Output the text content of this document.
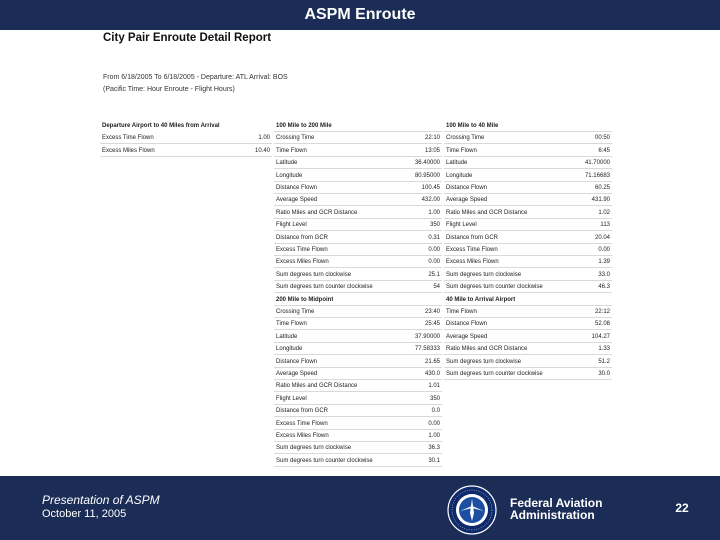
ASPM Enroute
City Pair Enroute Detail Report
From 6/18/2005 To 6/18/2005 - Departure: ATL Arrival: BOS
(Pacific Time: Hour Enroute - Flight Hours)
Departure Airport to 40 Miles from Arrival
Excess Time Flown	1.00
Excess Miles Flown	10.40
100 Mile to 200 Mile
Crossing Time	22:10
Time Flown	13:05
Latitude	36.40000
Longitude	80.95000
Distance Flown	100.45
Average Speed	432.00
Ratio Miles and GCR Distance	1.00
Flight Level	350
Distance from GCR	0.31
Excess Time Flown	0.00
Excess Miles Flown	0.00
Sum degrees turn clockwise	25.1
Sum degrees turn counter clockwise	54
200 Mile to Midpoint
Crossing Time	23:40
Time Flown	25:45
Latitude	37.90000
Longitude	77.58333
Distance Flown	21.65
Average Speed	430.0
Ratio Miles and GCR Distance	1.01
Flight Level	350
Distance from GCR	0.0
Excess Time Flown	0.00
Excess Miles Flown	1.00
Sum degrees turn clockwise	36.3
Sum degrees turn counter clockwise	30.1
100 Mile to 40 Mile
Crossing Time	00:50
Time Flown	6:45
Latitude	41.70000
Longitude	71.16683
Distance Flown	60.25
Average Speed	431.90
Ratio Miles and GCR Distance	1.02
Flight Level	113
Distance from GCR	20.04
Excess Time Flown	0.00
Excess Miles Flown	1.39
Sum degrees turn clockwise	33.0
Sum degrees turn counter clockwise	46.3
40 Mile to Arrival Airport
Time Flown	22:12
Distance Flown	52.08
Average Speed	104.27
Ratio Miles and GCR Distance	1.33
Sum degrees turn clockwise	51.2
Sum degrees turn counter clockwise	30.0
Presentation of ASPM
October 11, 2005
Federal Aviation
Administration	22
